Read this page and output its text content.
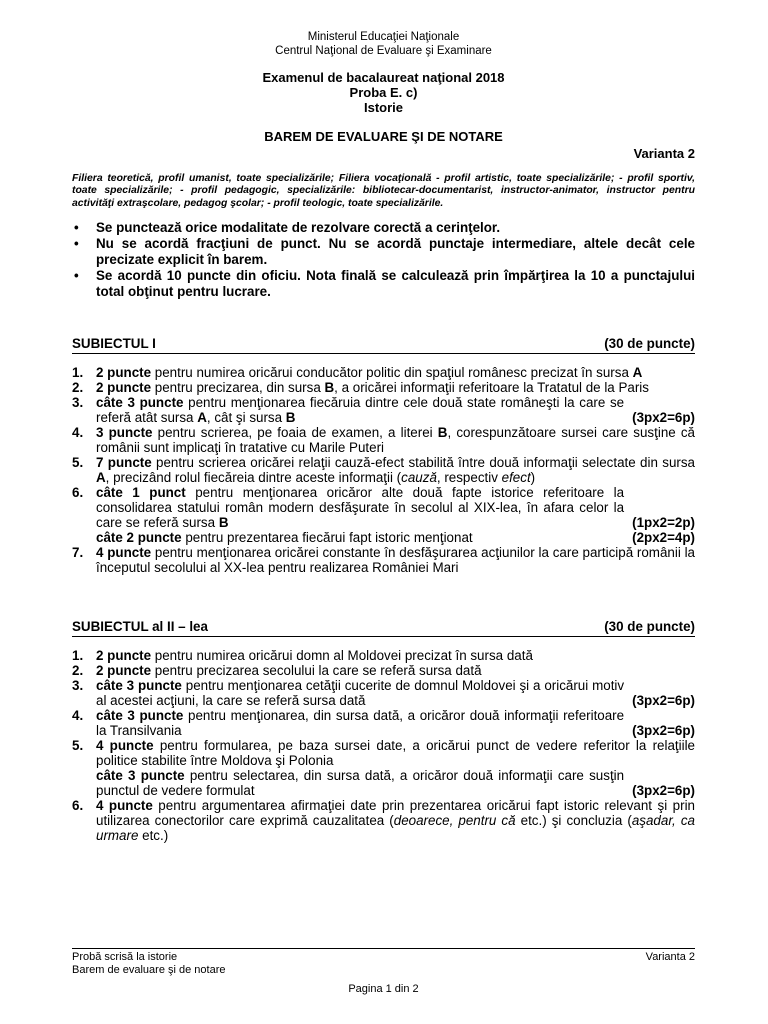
Ministerul Educaţiei Naţionale
Centrul Naţional de Evaluare şi Examinare
Examenul de bacalaureat naţional 2018
Proba E. c)
Istorie
BAREM DE EVALUARE ŞI DE NOTARE
Varianta 2
Filiera teoretică, profil umanist, toate specializările; Filiera vocaţională - profil artistic, toate specializările; - profil sportiv, toate specializările; - profil pedagogic, specializările: bibliotecar-documentarist, instructor-animator, instructor pentru activităţi extraşcolare, pedagog şcolar; - profil teologic, toate specializările.
• Se punctează orice modalitate de rezolvare corectă a cerinţelor.
• Nu se acordă fracţiuni de punct. Nu se acordă punctaje intermediare, altele decât cele precizate explicit în barem.
• Se acordă 10 puncte din oficiu. Nota finală se calculează prin împărţirea la 10 a punctajului total obţinut pentru lucrare.
SUBIECTUL I	(30 de puncte)
1. 2 puncte pentru numirea oricărui conducător politic din spaţiul românesc precizat în sursa A
2. 2 puncte pentru precizarea, din sursa B, a oricărei informaţii referitoare la Tratatul de la Paris
3. câte 3 puncte pentru menţionarea fiecăruia dintre cele două state româneşti la care se referă atât sursa A, cât şi sursa B	(3px2=6p)
4. 3 puncte pentru scrierea, pe foaia de examen, a literei B, corespunzătoare sursei care susţine că românii sunt implicaţi în tratative cu Marile Puteri
5. 7 puncte pentru scrierea oricărei relaţii cauză-efect stabilită între două informaţii selectate din sursa A, precizând rolul fiecăreia dintre aceste informaţii (cauză, respectiv efect)
6. câte 1 punct pentru menţionarea oricăror alte două fapte istorice referitoare la consolidarea statului român modern desfăşurate în secolul al XIX-lea, în afara celor la care se referă sursa B	(1px2=2p)
câte 2 puncte pentru prezentarea fiecărui fapt istoric menţionat	(2px2=4p)
7. 4 puncte pentru menţionarea oricărei constante în desfăşurarea acţiunilor la care participă românii la începutul secolului al XX-lea pentru realizarea României Mari
SUBIECTUL al II – lea	(30 de puncte)
1. 2 puncte pentru numirea oricărui domn al Moldovei precizat în sursa dată
2. 2 puncte pentru precizarea secolului la care se referă sursa dată
3. câte 3 puncte pentru menţionarea cetăţii cucerite de domnul Moldovei şi a oricărui motiv al acestei acţiuni, la care se referă sursa dată	(3px2=6p)
4. câte 3 puncte pentru menţionarea, din sursa dată, a oricăror două informaţii referitoare la Transilvania	(3px2=6p)
5. 4 puncte pentru formularea, pe baza sursei date, a oricărui punct de vedere referitor la relaţiile politice stabilite între Moldova şi Polonia
câte 3 puncte pentru selectarea, din sursa dată, a oricăror două informaţii care susţin punctul de vedere formulat	(3px2=6p)
6. 4 puncte pentru argumentarea afirmaţiei date prin prezentarea oricărui fapt istoric relevant şi prin utilizarea conectorilor care exprimă cauzalitatea (deoarece, pentru că etc.) şi concluzia (aşadar, ca urmare etc.)
Probă scrisă la istorie	Varianta 2
Barem de evaluare şi de notare
Pagina 1 din 2
